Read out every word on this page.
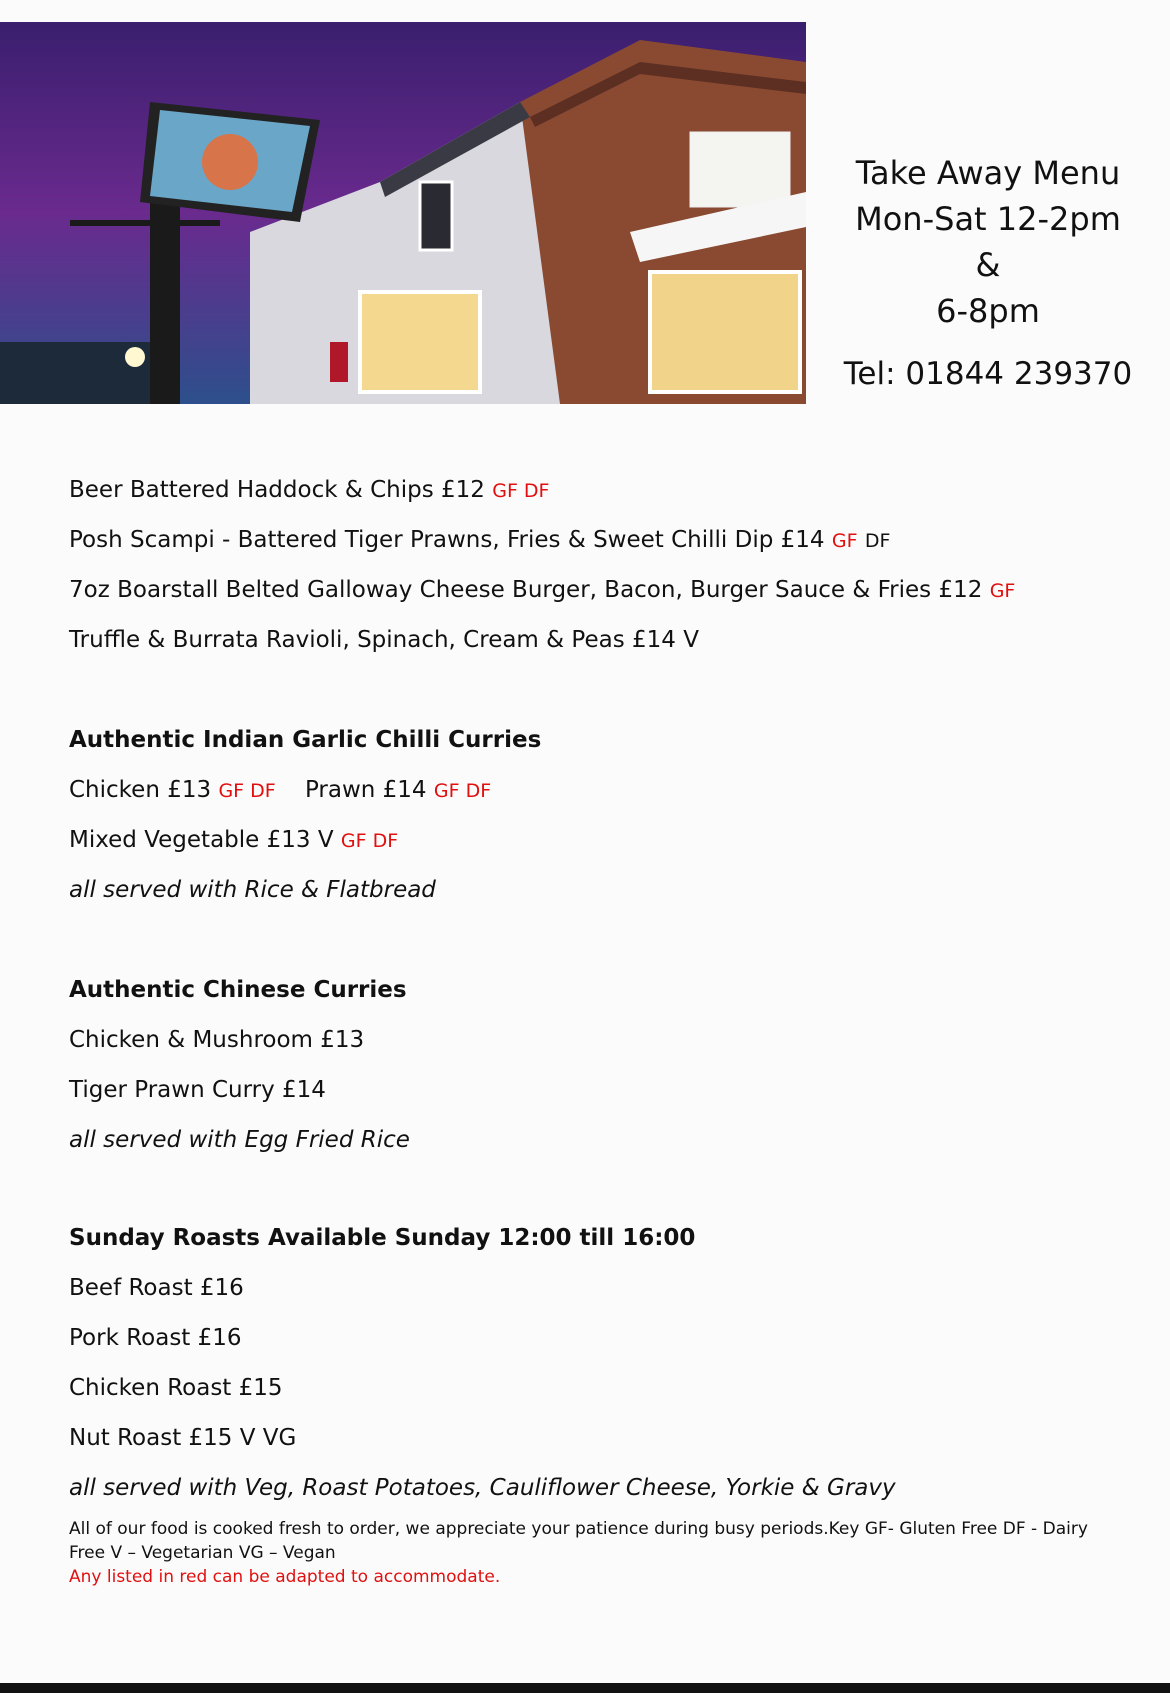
Take Away Menu
Mon-Sat 12-2pm &
6-8pm
Tel: 01844 239370
Beer Battered Haddock & Chips £12 GF DF
Posh Scampi - Battered Tiger Prawns, Fries & Sweet Chilli Dip £14 GF DF
7oz Boarstall Belted Galloway Cheese Burger, Bacon, Burger Sauce & Fries £12 GF
Truffle & Burrata Ravioli, Spinach, Cream & Peas £14 V
Authentic Indian Garlic Chilli Curries
Chicken £13 GF DF Prawn £14 GF DF
Mixed Vegetable £13 V GF DF
all served with Rice & Flatbread
Authentic Chinese Curries
Chicken & Mushroom £13
Tiger Prawn Curry £14
all served with Egg Fried Rice
Sunday Roasts Available Sunday 12:00 till 16:00
Beef Roast £16
Pork Roast £16
Chicken Roast £15
Nut Roast £15 V VG
all served with Veg, Roast Potatoes, Cauliflower Cheese, Yorkie & Gravy
All of our food is cooked fresh to order, we appreciate your patience during busy periods.Key GF- Gluten Free DF - Dairy Free V – Vegetarian VG – Vegan
Any listed in red can be adapted to accommodate.
